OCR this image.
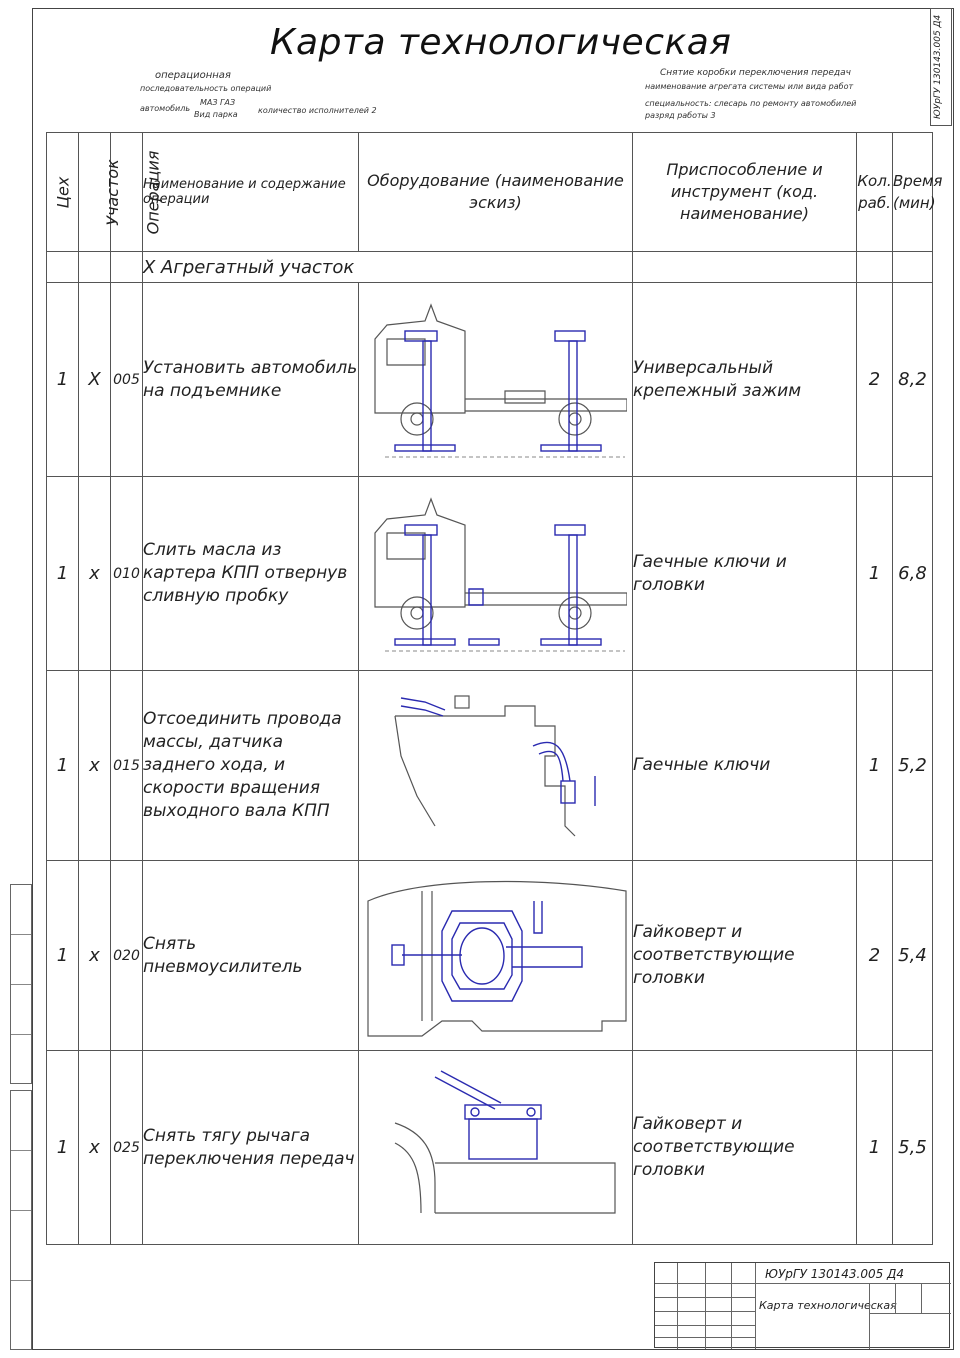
Карта технологическая
операционная
последовательность операций
автомобиль
МАЗ ГАЗ
Вид парка	количество исполнителей 2
Снятие коробки переключения передач
наименование агрегата системы или вида работ
специальность: слесарь по ремонту автомобилей
разряд работы 3	ЮУрГУ 130143.005 Д4
Цех	Участок	Операция	Наименование и содержание операции	Оборудование (наименование эскиз)	Приспособление и инструмент (код. наименование)	Кол. раб.	Время (мин)
			X Агрегатный участок				
1	X	005	Установить автомобиль на подъемнике		Универсальный крепежный зажим	2	8,2
1	x	010	Слить масла из картера КПП отвернув сливную пробку		Гаечные ключи и головки	1	6,8
1	x	015	Отсоединить провода массы, датчика заднего хода, и скорости вращения выходного вала КПП		Гаечные ключи	1	5,2
1	x	020	Снять пневмоусилитель		Гайковерт и соответствующие головки	2	5,4
1	x	025	Снять тягу рычага переключения передач		Гайковерт и соответствующие головки	1	5,5
ЮУрГУ 130143.005 Д4
Карта технологическая
